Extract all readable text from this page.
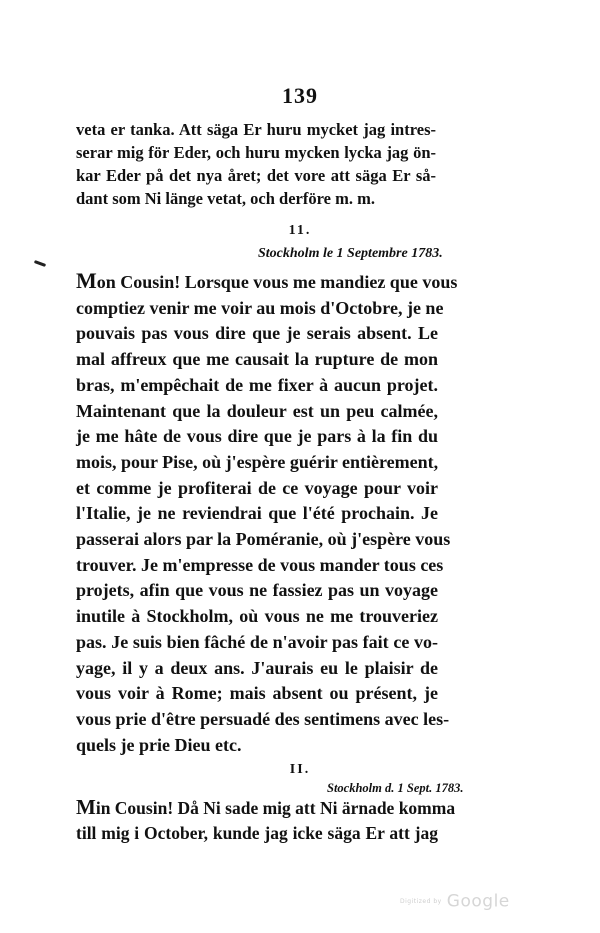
139
veta er tanka. Att säga Er huru mycket jag intres-
serar mig för Eder, och huru mycken lycka jag ön-
kar Eder på det nya året; det vore att säga Er så-
dant som Ni länge vetat, och derföre m. m.
11.
Stockholm le 1 Septembre 1783.
Mon Cousin! Lorsque vous me mandiez que vous
comptiez venir me voir au mois d'Octobre, je ne
pouvais pas vous dire que je serais absent. Le
mal affreux que me causait la rupture de mon
bras, m'empêchait de me fixer à aucun projet.
Maintenant que la douleur est un peu calmée,
je me hâte de vous dire que je pars à la fin du
mois, pour Pise, où j'espère guérir entièrement,
et comme je profiterai de ce voyage pour voir
l'Italie, je ne reviendrai que l'été prochain. Je
passerai alors par la Poméranie, où j'espère vous
trouver. Je m'empresse de vous mander tous ces
projets, afin que vous ne fassiez pas un voyage
inutile à Stockholm, où vous ne me trouveriez
pas. Je suis bien fâché de n'avoir pas fait ce vo-
yage, il y a deux ans. J'aurais eu le plaisir de
vous voir à Rome; mais absent ou présent, je
vous prie d'être persuadé des sentimens avec les-
quels je prie Dieu etc.
II.
Stockholm d. 1 Sept. 1783.
Min Cousin! Då Ni sade mig att Ni ärnade komma
till mig i October, kunde jag icke säga Er att jag
Digitized by Google
